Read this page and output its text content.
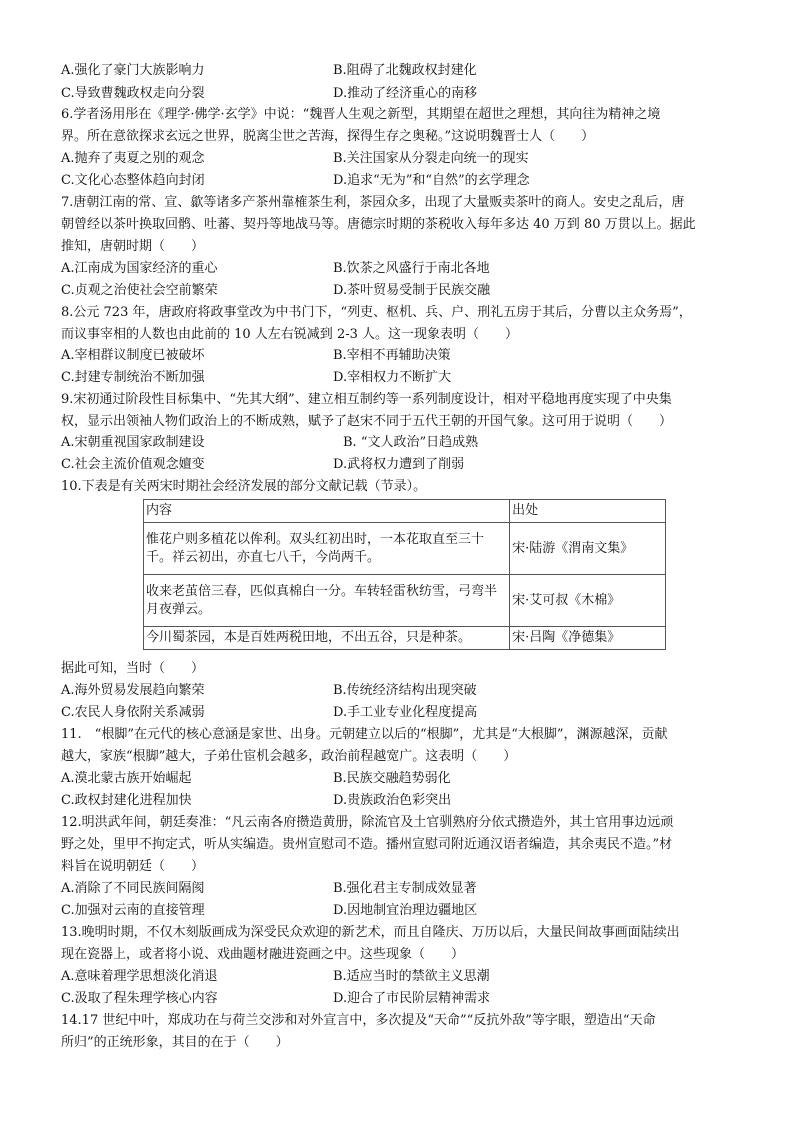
A.强化了豪门大族影响力	B.阻碍了北魏政权封建化
C.导致曹魏政权走向分裂	D.推动了经济重心的南移
6.学者汤用彤在《理学·佛学·玄学》中说：“魏晋人生观之新型，其期望在超世之理想，其向往为精神之境
界。所在意欲探求玄远之世界，脱离尘世之苦海，探得生存之奥秘。”这说明魏晋士人（　　）
A.抛弃了夷夏之别的观念	B.关注国家从分裂走向统一的现实
C.文化心态整体趋向封闭	D.追求“无为”和“自然”的玄学理念
7.唐朝江南的常、宣、歙等诸多产茶州靠榷茶生利，茶园众多，出现了大量贩卖茶叶的商人。安史之乱后，唐
朝曾经以茶叶换取回鹘、吐蕃、契丹等地战马等。唐德宗时期的茶税收入每年多达 40 万到 80 万贯以上。据此
推知，唐朝时期（　　）
A.江南成为国家经济的重心	B.饮茶之风盛行于南北各地
C.贞观之治使社会空前繁荣	D.茶叶贸易受制于民族交融
8.公元 723 年，唐政府将政事堂改为中书门下，“列吏、枢机、兵、户、刑礼五房于其后，分曹以主众务焉”，
而议事宰相的人数也由此前的 10 人左右锐减到 2-3 人。这一现象表明（　　）
A.宰相群议制度已被破坏	B.宰相不再辅助决策
C.封建专制统治不断加强	D.宰相权力不断扩大
9.宋初通过阶段性目标集中、“先其大纲”、建立相互制约等一系列制度设计，相对平稳地再度实现了中央集
权，显示出领袖人物们政治上的不断成熟，赋予了赵宋不同于五代王朝的开国气象。这可用于说明（　　）
A.宋朝重视国家政制建设	B. “文人政治”日趋成熟
C.社会主流价值观念嬗变	D.武将权力遭到了削弱
10.下表是有关两宋时期社会经济发展的部分文献记载（节录）。
内容	出处
惟花户则多植花以侔利。双头红初出时，一本花取直至三十千。祥云初出，亦直七八千，今尚两千。	宋·陆游《渭南文集》
收来老茧倍三春，匹似真棉白一分。车转轻雷秋纺雪，弓弯半月夜弹云。	宋·艾可叔《木棉》
今川蜀茶园，本是百姓两税田地，不出五谷，只是种茶。	宋·吕陶《净德集》
据此可知，当时（　　）
A.海外贸易发展趋向繁荣	B.传统经济结构出现突破
C.农民人身依附关系减弱	D.手工业专业化程度提高
11.　“根脚”在元代的核心意涵是家世、出身。元朝建立以后的“根脚”，尤其是“大根脚”，渊源越深，贡献
越大，家族“根脚”越大，子弟仕宦机会越多，政治前程越宽广。这表明（　　）
A.漠北蒙古族开始崛起	B.民族交融趋势弱化
C.政权封建化进程加快	D.贵族政治色彩突出
12.明洪武年间，朝廷奏准：“凡云南各府攒造黄册，除流官及土官驯熟府分依式攒造外，其土官用事边远顽
野之处，里甲不拘定式，听从实编造。贵州宣慰司不造。播州宣慰司附近通汉语者编造，其余夷民不造。”材
料旨在说明朝廷（　　）
A.消除了不同民族间隔阂	B.强化君主专制成效显著
C.加强对云南的直接管理	D.因地制宜治理边疆地区
13.晚明时期，不仅木刻版画成为深受民众欢迎的新艺术，而且自隆庆、万历以后，大量民间故事画面陆续出
现在瓷器上，或者将小说、戏曲题材融进瓷画之中。这些现象（　　）
A.意味着理学思想淡化消退	B.适应当时的禁欲主义思潮
C.汲取了程朱理学核心内容	D.迎合了市民阶层精神需求
14.17 世纪中叶，郑成功在与荷兰交涉和对外宣言中，多次提及“天命”“反抗外敌”等字眼，塑造出“天命
所归”的正统形象，其目的在于（　　）
